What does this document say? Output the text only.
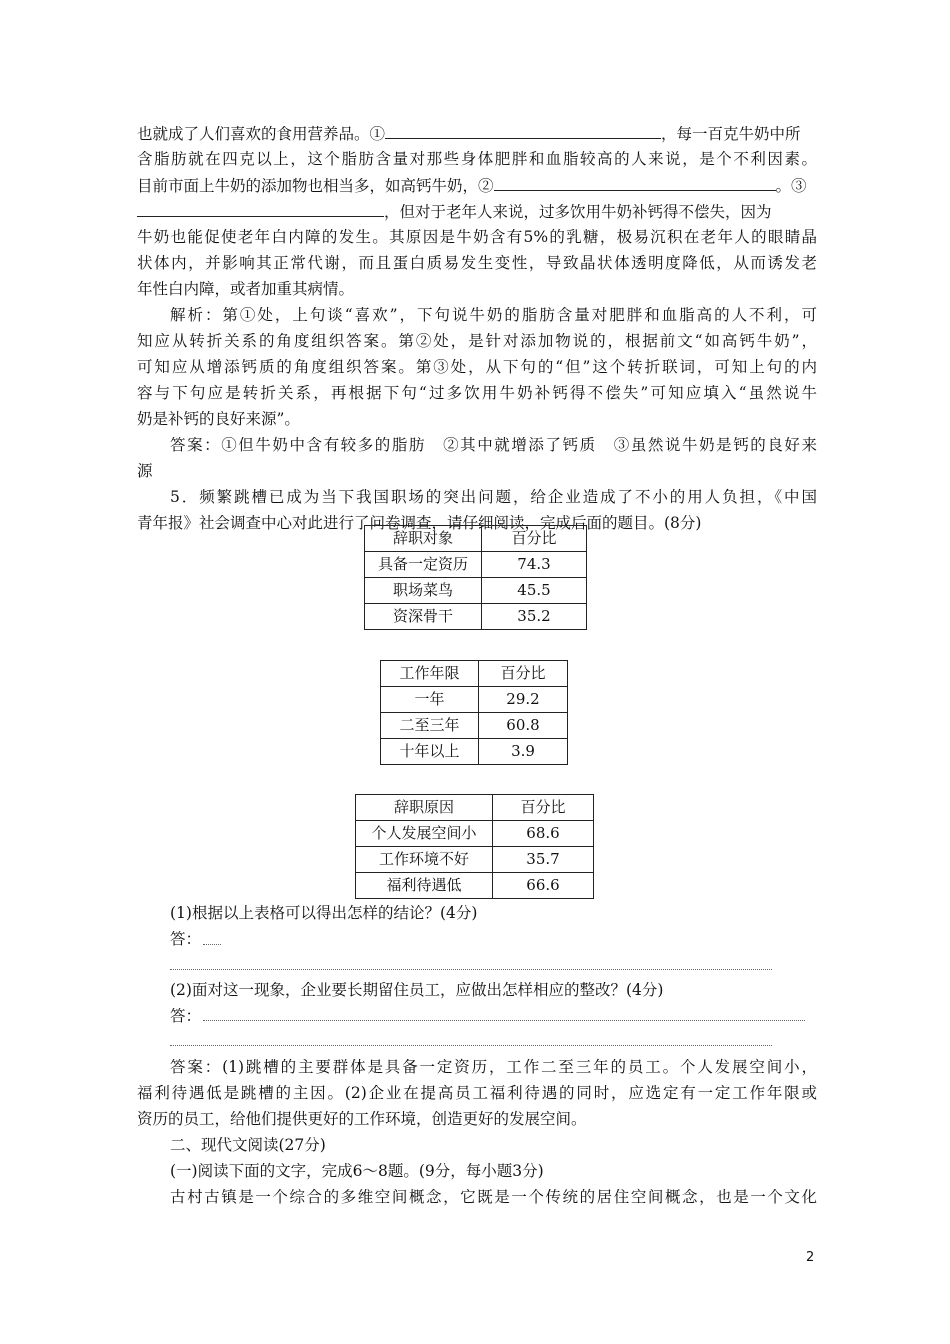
也就成了人们喜欢的食用营养品。①	，每一百克牛奶中所
含脂肪就在四克以上，这个脂肪含量对那些身体肥胖和血脂较高的人来说，是个不利因素。
目前市面上牛奶的添加物也相当多，如高钙牛奶，②	。③
，但对于老年人来说，过多饮用牛奶补钙得不偿失，因为
牛奶也能促使老年白内障的发生。其原因是牛奶含有5%的乳糖，极易沉积在老年人的眼睛晶
状体内，并影响其正常代谢，而且蛋白质易发生变性，导致晶状体透明度降低，从而诱发老
年性白内障，或者加重其病情。
解析：第①处，上句谈“喜欢”，下句说牛奶的脂肪含量对肥胖和血脂高的人不利，可
知应从转折关系的角度组织答案。第②处，是针对添加物说的，根据前文“如高钙牛奶”，
可知应从增添钙质的角度组织答案。第③处，从下句的“但”这个转折联词，可知上句的内
容与下句应是转折关系，再根据下句“过多饮用牛奶补钙得不偿失”可知应填入“虽然说牛
奶是补钙的良好来源”。
答案：①但牛奶中含有较多的脂肪　②其中就增添了钙质　③虽然说牛奶是钙的良好来
源
5．频繁跳槽已成为当下我国职场的突出问题，给企业造成了不小的用人负担，《中国
青年报》社会调查中心对此进行了问卷调查，请仔细阅读，完成后面的题目。(8分)
辞职对象	百分比
具备一定资历	74.3
职场菜鸟	45.5
资深骨干	35.2
工作年限	百分比
一年	29.2
二至三年	60.8
十年以上	3.9
辞职原因	百分比
个人发展空间小	68.6
工作环境不好	35.7
福利待遇低	66.6
(1)根据以上表格可以得出怎样的结论？(4分)
答：
(2)面对这一现象，企业要长期留住员工，应做出怎样相应的整改？(4分)
答：
答案：(1)跳槽的主要群体是具备一定资历，工作二至三年的员工。个人发展空间小，
福利待遇低是跳槽的主因。(2)企业在提高员工福利待遇的同时，应选定有一定工作年限或
资历的员工，给他们提供更好的工作环境，创造更好的发展空间。
二、现代文阅读(27分)
(一)阅读下面的文字，完成6～8题。(9分，每小题3分)
古村古镇是一个综合的多维空间概念，它既是一个传统的居住空间概念，也是一个文化
2
